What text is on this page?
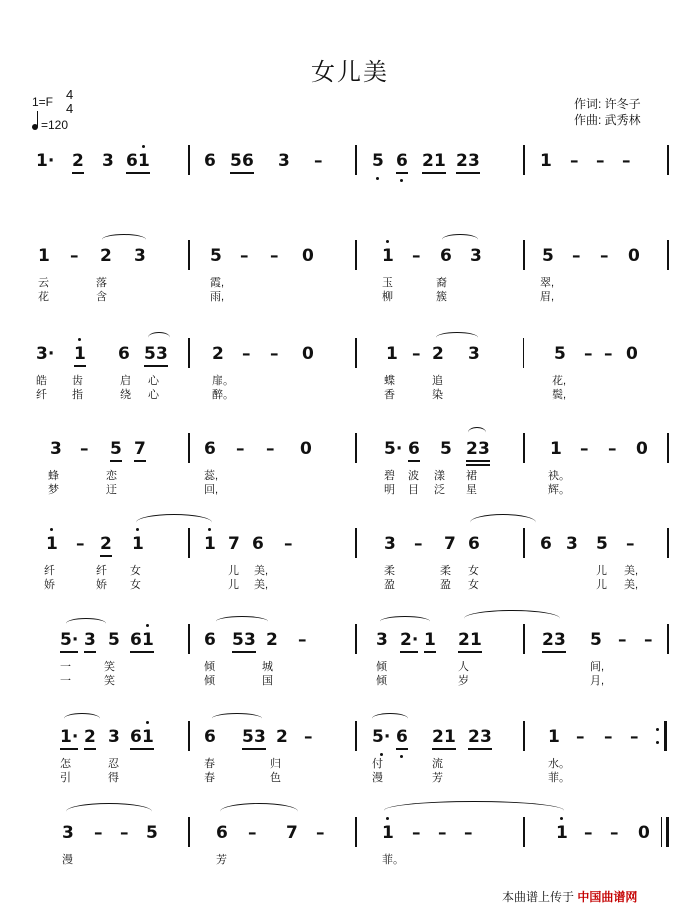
女儿美
1=F 4
4
=120
作词: 许冬子
作曲: 武秀林
1· 2 3 6 1	6 5 6 3 –	5 6 2 1 2 3	1 – – –
1 – 2 3	5 – – 0	1 – 6 3	5 – – 0
云	落	霞,	玉	裔	翠,
花	含	雨,	柳	簇	眉,
3· 1 6 5 3	2 – – 0	1 – 2 3	5 – – 0
皓 齿	启 心	扉。	蝶	追	花,
纤 指	绕 心	醉。	香	染	鬓,
3 – 5 7	6 – – 0	5· 6 5 2 3	1 – – 0
蜂	恋	蕊,	碧 波 漾 裙	袂。
梦	迂	回,	明 目 泛 星	辉。
1 – 2 1	1 7 6 –	3 – 7 6	6 3 5 –
纤	纤 女	儿 美,	柔	柔 女	儿 美,
娇	娇 女	儿 美,	盈	盈 女	儿 美,
5· 3 5 6 1	6 5 3 2 –	3 2· 1 2 1	2 3 5 – –
一	笑	倾	城	倾	人	间,
一	笑	倾	国	倾	岁	月,
1· 2 3 6 1	6 5 3 2 –	5· 6 2 1 2 3	1 – – –
怎	忍	春	归	付	流	水。
引	得	春	色	漫	芳	菲。
3 – – 5	6 – 7 –	1 – – –	1 – – 0
漫	芳	菲。
本曲谱上传于 中国曲谱网
